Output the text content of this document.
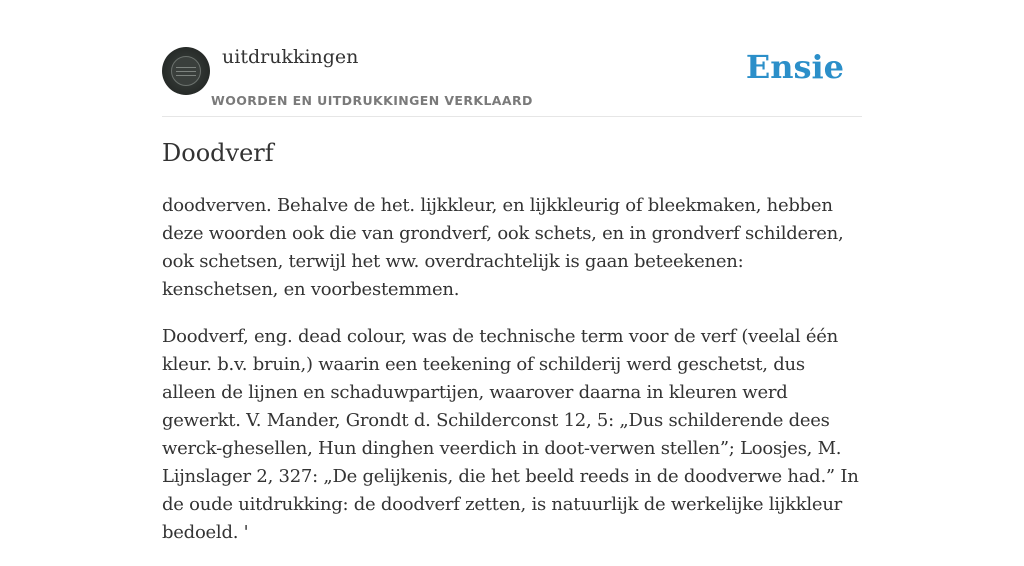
uitdrukkingen
WOORDEN EN UITDRUKKINGEN VERKLAARD
Ensie
Doodverf

doodverven. Behalve de het. lijkkleur, en lijkkleurig of bleekmaken, hebben deze woorden ook die van grondverf, ook schets, en in grondverf schilderen, ook schetsen, terwijl het ww. overdrachtelijk is gaan beteekenen: kenschetsen, en voorbestemmen.

Doodverf, eng. dead colour, was de technische term voor de verf (veelal één kleur. b.v. bruin,) waarin een teekening of schilderij werd geschetst, dus alleen de lijnen en schaduwpartijen, waarover daarna in kleuren werd gewerkt. V. Mander, Grondt d. Schilderconst 12, 5: „Dus schilderende dees werck-ghesellen, Hun dinghen veerdich in doot-verwen stellen”; Loosjes, M. Lijnslager 2, 327: „De gelijkenis, die het beeld reeds in de doodverwe had.” In de oude uitdrukking: de doodverf zetten, is natuurlijk de werkelijke lijkkleur bedoeld. '
